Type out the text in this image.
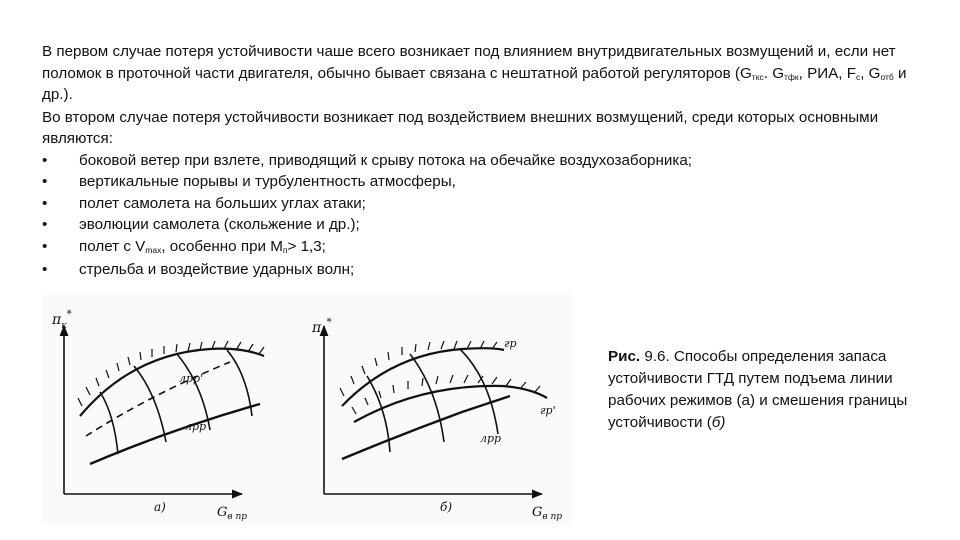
В первом случае потеря устойчивости чаше всего возникает под влиянием внутридвигательных возмущений и, если нет поломок в проточной части двигателя, обычно бывает связана с нештатной работой регуляторов ($G_{ткс}$. $G_{тфк}$, РИА, $F_c$, $G_{отб}$ и др.).

Во втором случае потеря устойчивости возникает под воздействием внешних возмущений, среди которых основными являются:

• боковой ветер при взлете, приводящий к срыву потока на обечайке воздухозаборника;
• вертикальные порывы и турбулентность атмосферы,
• полет самолета на больших углах атаки;
• эволюции самолета (скольжение и др.);
• полет с $V_{max}$, особенно при $M_п> 1,3$;
• стрельба и воздействие ударных волн;
$\pi_к^*$
$G_{в пр}$
лрр'
лрр
а)
$\pi_к^*$
$G_{в пр}$
гр
гр'
лрр
б)
Рис. 9.6. Способы определения запаса устойчивости ГТД путем подъема линии рабочих режимов (а) и смешения границы устойчивости (б)
